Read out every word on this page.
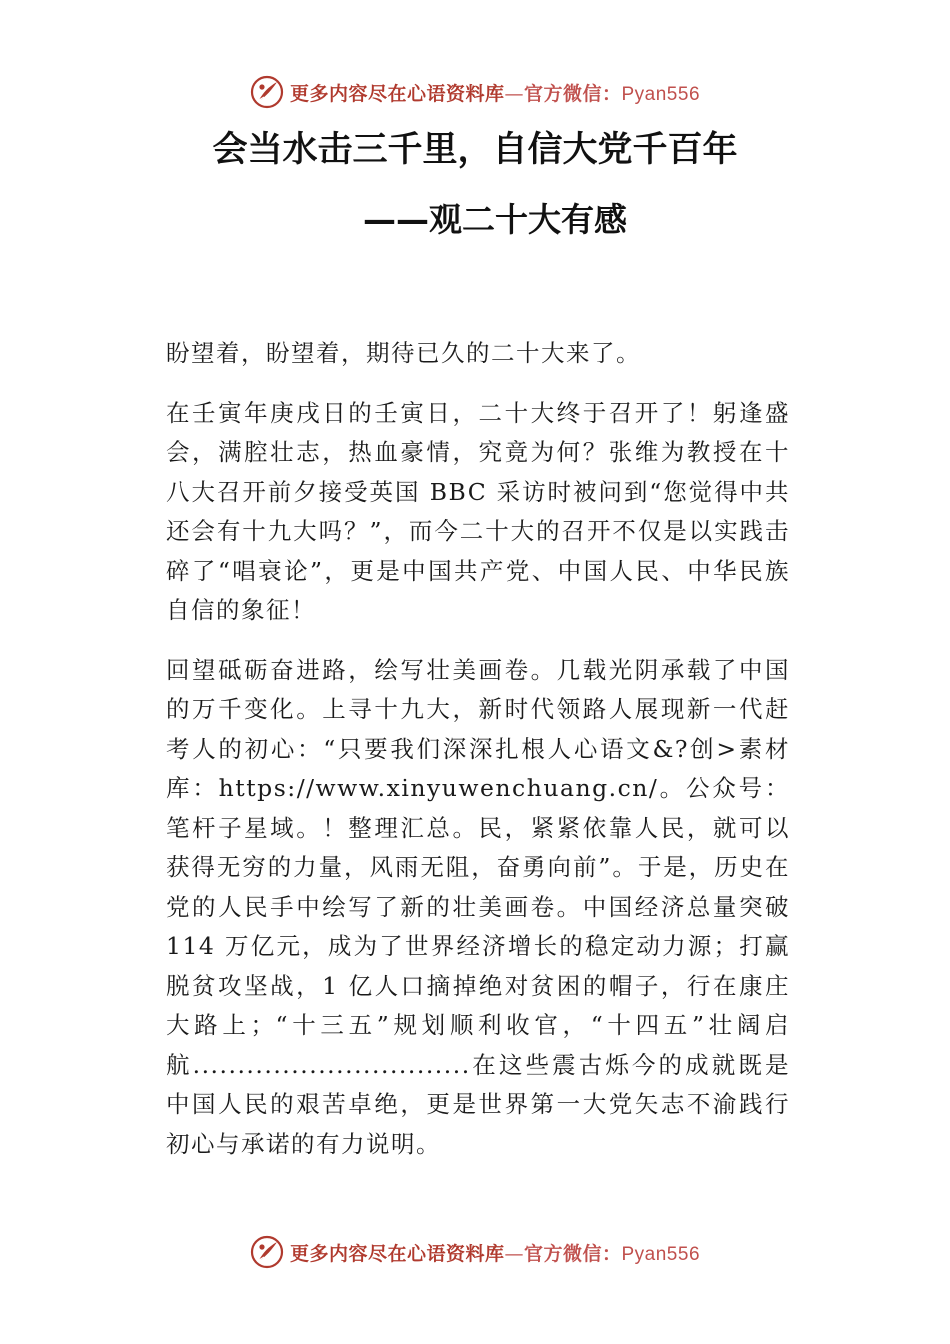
更多内容尽在心语资料库—官方微信：Pyan556
会当水击三千里，自信大党千百年
——观二十大有感

盼望着，盼望着，期待已久的二十大来了。

在壬寅年庚戌日的壬寅日，二十大终于召开了！躬逢盛会，满腔壮志，热血豪情，究竟为何？张维为教授在十八大召开前夕接受英国 BBC 采访时被问到“您觉得中共还会有十九大吗？”，而今二十大的召开不仅是以实践击碎了“唱衰论”，更是中国共产党、中国人民、中华民族自信的象征！

回望砥砺奋进路，绘写壮美画卷。几载光阴承载了中国的万千变化。上寻十九大，新时代领路人展现新一代赶考人的初心：“只要我们深深扎根人心语文&?创>素材库：https://www.xinyuwenchuang.cn/。公众号：笔杆子星域。！整理汇总。民，紧紧依靠人民，就可以获得无穷的力量，风雨无阻，奋勇向前”。于是，历史在党的人民手中绘写了新的壮美画卷。中国经济总量突破 114 万亿元，成为了世界经济增长的稳定动力源；打赢脱贫攻坚战，1 亿人口摘掉绝对贫困的帽子，行在康庄大路上；“十三五”规划顺利收官，“十四五”壮阔启航...............................在这些震古烁今的成就既是中国人民的艰苦卓绝，更是世界第一大党矢志不渝践行初心与承诺的有力说明。

更多内容尽在心语资料库—官方微信：Pyan556
